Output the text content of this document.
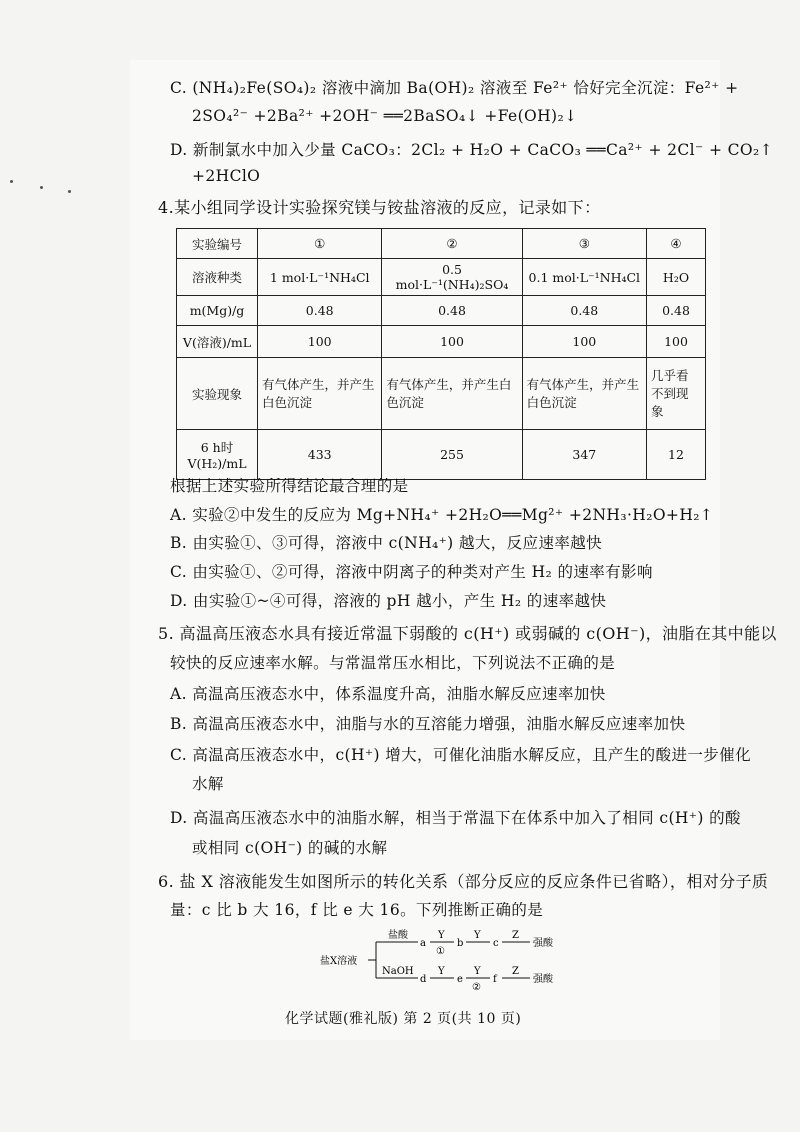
C. (NH₄)₂Fe(SO₄)₂ 溶液中滴加 Ba(OH)₂ 溶液至 Fe²⁺ 恰好完全沉淀：Fe²⁺ +
2SO₄²⁻ +2Ba²⁺ +2OH⁻ ══2BaSO₄↓ +Fe(OH)₂↓
D. 新制氯水中加入少量 CaCO₃：2Cl₂ + H₂O + CaCO₃ ══Ca²⁺ + 2Cl⁻ + CO₂↑
+2HClO
4.某小组同学设计实验探究镁与铵盐溶液的反应，记录如下：
实验编号	①	②	③	④
溶液种类	1 mol·L⁻¹NH₄Cl	0.5 mol·L⁻¹(NH₄)₂SO₄	0.1 mol·L⁻¹NH₄Cl	H₂O
m(Mg)/g	0.48	0.48	0.48	0.48
V(溶液)/mL	100	100	100	100
实验现象	有气体产生，并产生白色沉淀	有气体产生，并产生白色沉淀	有气体产生，并产生白色沉淀	几乎看不到现象

6 h时
V(H₂)/mL	433	255	347	12
根据上述实验所得结论最合理的是
A. 实验②中发生的反应为 Mg+NH₄⁺ +2H₂O══Mg²⁺ +2NH₃·H₂O+H₂↑
B. 由实验①、③可得，溶液中 c(NH₄⁺) 越大，反应速率越快
C. 由实验①、②可得，溶液中阴离子的种类对产生 H₂ 的速率有影响
D. 由实验①~④可得，溶液的 pH 越小，产生 H₂ 的速率越快
5. 高温高压液态水具有接近常温下弱酸的 c(H⁺) 或弱碱的 c(OH⁻)，油脂在其中能以
较快的反应速率水解。与常温常压水相比，下列说法不正确的是
A. 高温高压液态水中，体系温度升高，油脂水解反应速率加快
B. 高温高压液态水中，油脂与水的互溶能力增强，油脂水解反应速率加快
C. 高温高压液态水中，c(H⁺) 增大，可催化油脂水解反应，且产生的酸进一步催化
水解
D. 高温高压液态水中的油脂水解，相当于常温下在体系中加入了相同 c(H⁺) 的酸
或相同 c(OH⁻) 的碱的水解
6. 盐 X 溶液能发生如图所示的转化关系（部分反应的反应条件已省略），相对分子质
量：c 比 b 大 16，f 比 e 大 16。下列推断正确的是
盐X溶液
盐酸
NaOH
a
Y
①
b
Y
c
Z
强酸
d
Y
e
Y
②
f
Z
强酸
化学试题(雅礼版) 第 2 页(共 10 页)
